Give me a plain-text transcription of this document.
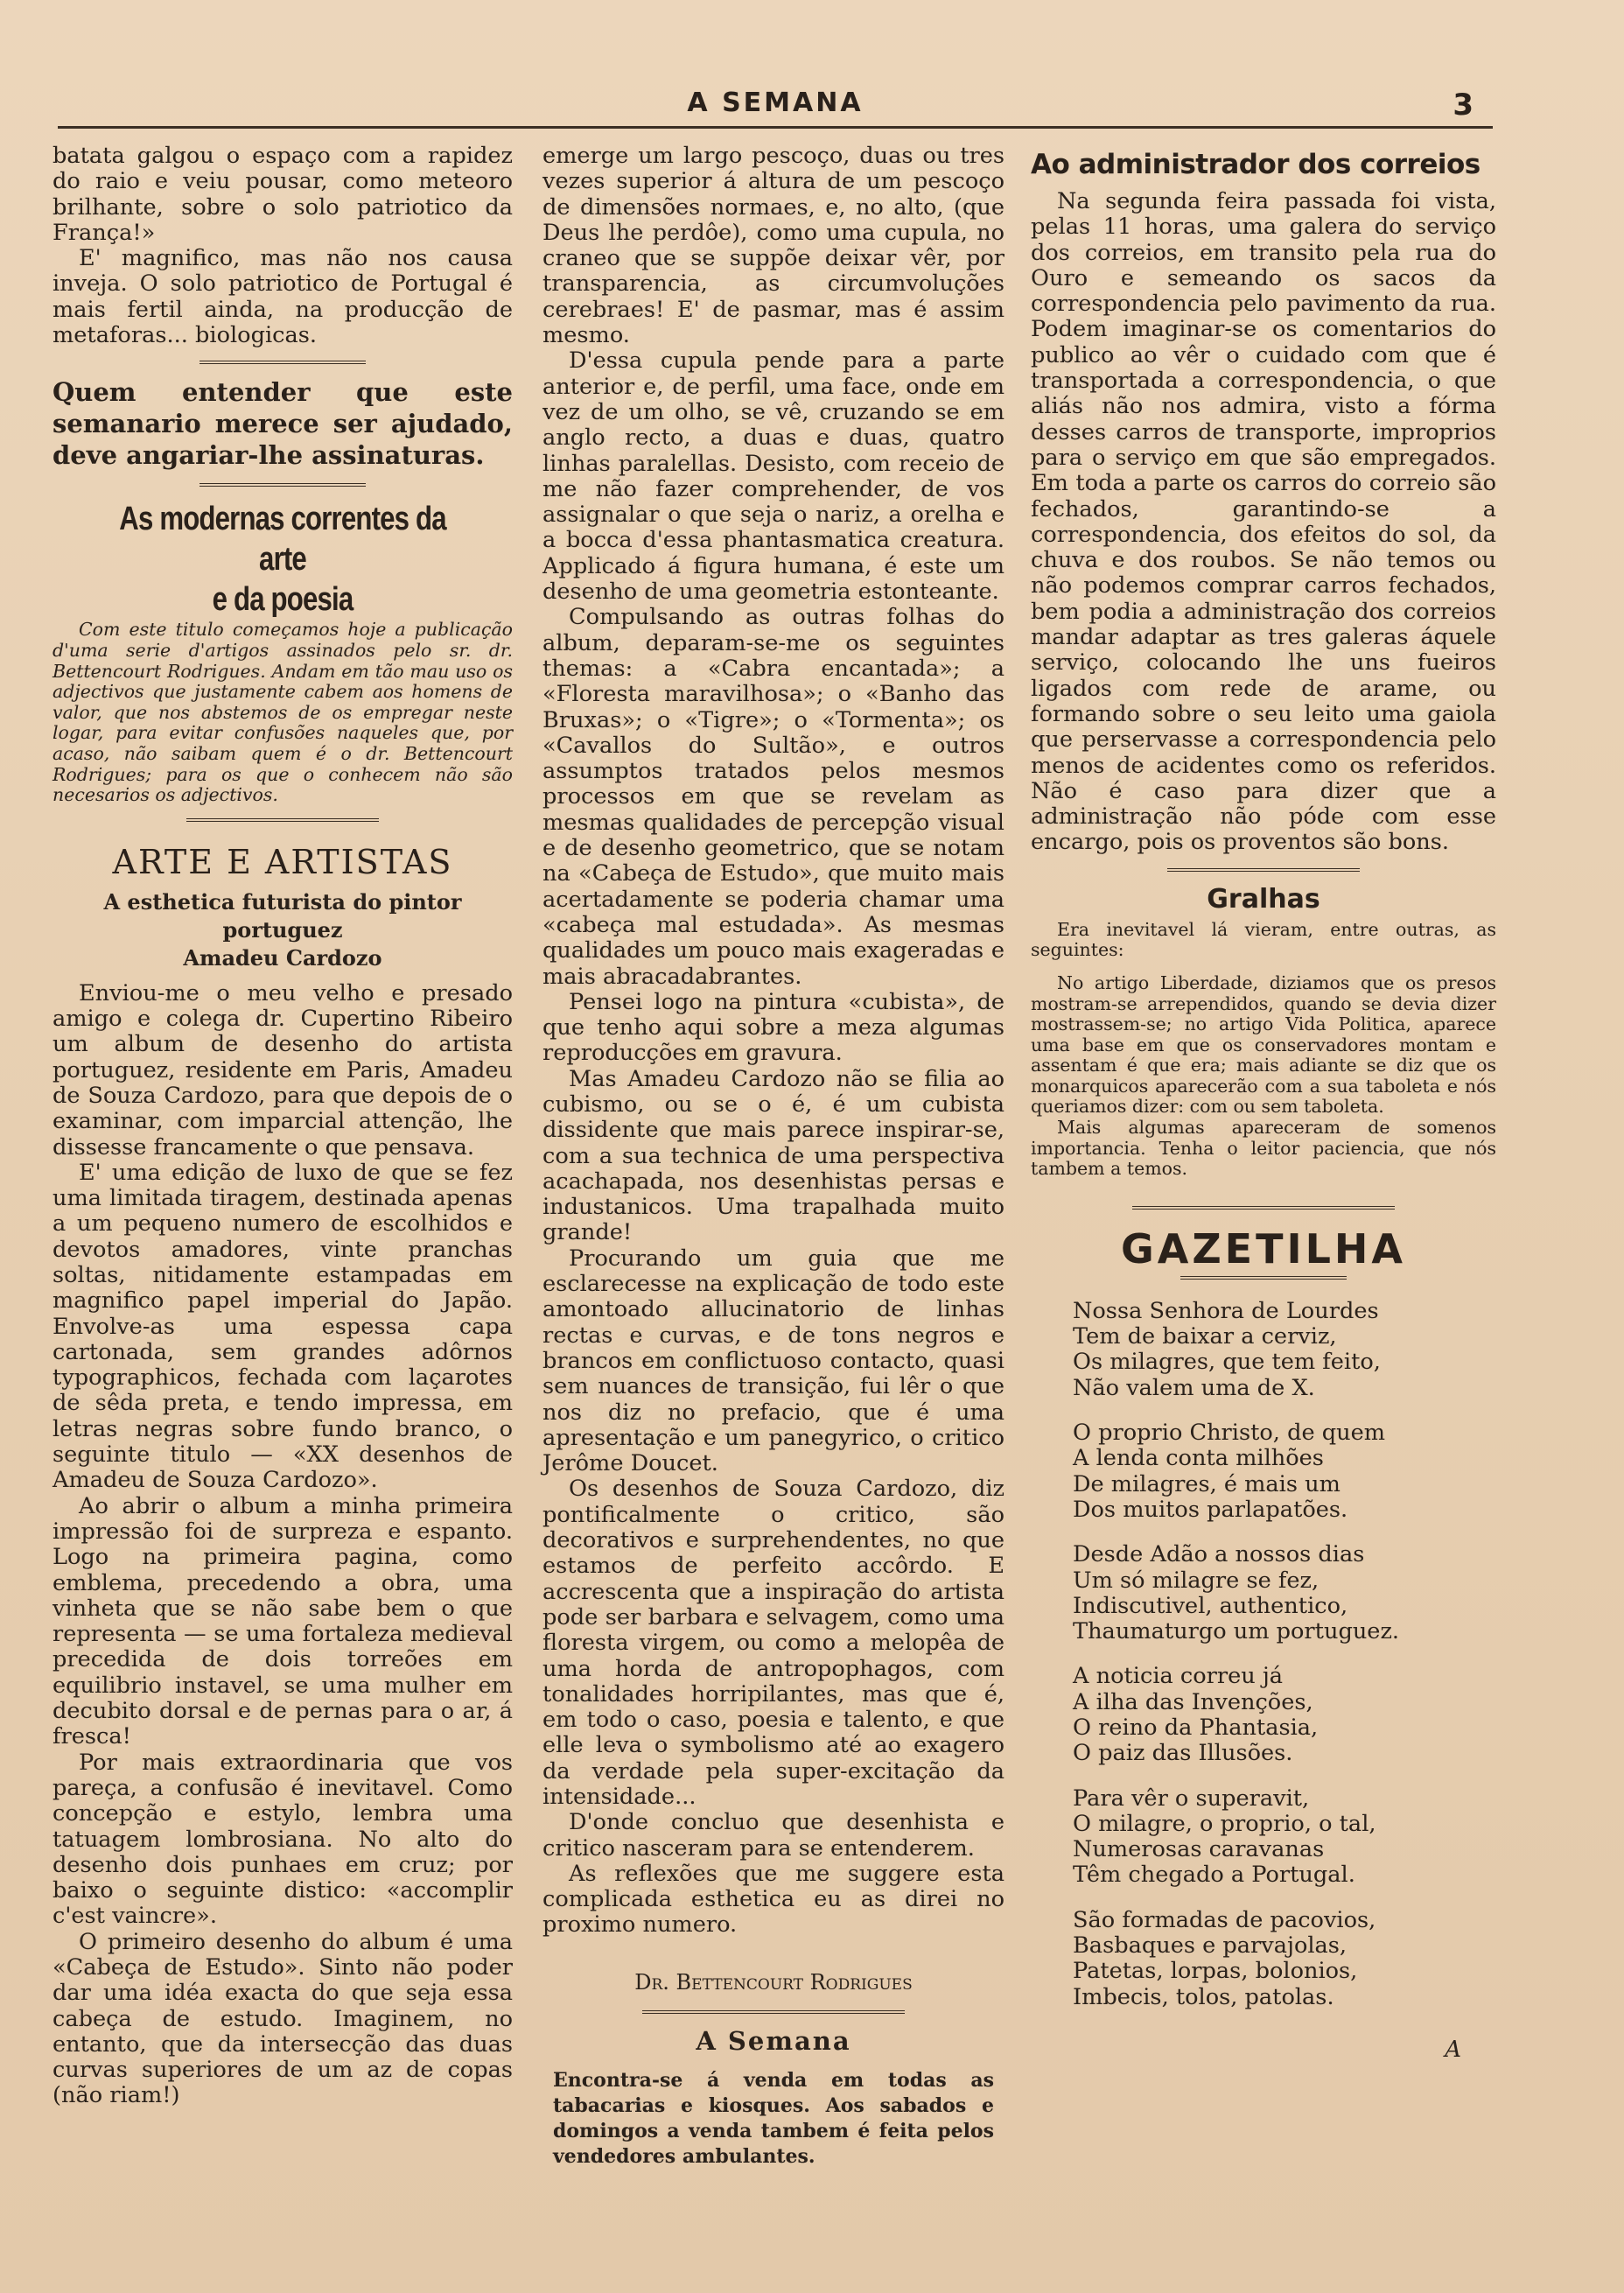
A SEMANA	3

batata galgou o espaço com a rapidez do raio e veiu pousar, como meteoro brilhante, sobre o solo patriotico da França!»

E' magnifico, mas não nos causa inveja. O solo patriotico de Portugal é mais fertil ainda, na producção de metaforas... biologicas.

Quem entender que este semanario merece ser ajudado, deve angariar-lhe assinaturas.
As modernas correntes da arte
e da poesia

Com este titulo começamos hoje a publicação d'uma serie d'artigos assinados pelo sr. dr. Bettencourt Rodrigues. Andam em tão mau uso os adjectivos que justamente cabem aos homens de valor, que nos abstemos de os empregar neste logar, para evitar confusões naqueles que, por acaso, não saibam quem é o dr. Bettencourt Rodrigues; para os que o conhecem não são necesarios os adjectivos.

ARTE E ARTISTAS
A esthetica futurista do pintor portuguez
Amadeu Cardozo

Enviou-me o meu velho e presado amigo e colega dr. Cupertino Ribeiro um album de desenho do artista portuguez, residente em Paris, Amadeu de Souza Cardozo, para que depois de o examinar, com imparcial attenção, lhe dissesse francamente o que pensava.

E' uma edição de luxo de que se fez uma limitada tiragem, destinada apenas a um pequeno numero de escolhidos e devotos amadores, vinte pranchas soltas, nitidamente estampadas em magnifico papel imperial do Japão. Envolve-as uma espessa capa cartonada, sem grandes adôrnos typographicos, fechada com laçarotes de sêda preta, e tendo impressa, em letras negras sobre fundo branco, o seguinte titulo — «XX desenhos de Amadeu de Souza Cardozo».

Ao abrir o album a minha primeira impressão foi de surpreza e espanto. Logo na primeira pagina, como emblema, precedendo a obra, uma vinheta que se não sabe bem o que representa — se uma fortaleza medieval precedida de dois torreões em equilibrio instavel, se uma mulher em decubito dorsal e de pernas para o ar, á fresca!

Por mais extraordinaria que vos pareça, a confusão é inevitavel. Como concepção e estylo, lembra uma tatuagem lombrosiana. No alto do desenho dois punhaes em cruz; por baixo o seguinte distico: «accomplir c'est vaincre».

O primeiro desenho do album é uma «Cabeça de Estudo». Sinto não poder dar uma idéa exacta do que seja essa cabeça de estudo. Imaginem, no entanto, que da intersecção das duas curvas superiores de um az de copas (não riam!)

emerge um largo pescoço, duas ou tres vezes superior á altura de um pescoço de dimensões normaes, e, no alto, (que Deus lhe perdôe), como uma cupula, no craneo que se suppõe deixar vêr, por transparencia, as circumvoluções cerebraes! E' de pasmar, mas é assim mesmo.

D'essa cupula pende para a parte anterior e, de perfil, uma face, onde em vez de um olho, se vê, cruzando se em anglo recto, a duas e duas, quatro linhas paralellas. Desisto, com receio de me não fazer comprehender, de vos assignalar o que seja o nariz, a orelha e a bocca d'essa phantasmatica creatura. Applicado á figura humana, é este um desenho de uma geometria estonteante.

Compulsando as outras folhas do album, deparam-se-me os seguintes themas: a «Cabra encantada»; a «Floresta maravilhosa»; o «Banho das Bruxas»; o «Tigre»; o «Tormenta»; os «Cavallos do Sultão», e outros assumptos tratados pelos mesmos processos em que se revelam as mesmas qualidades de percepção visual e de desenho geometrico, que se notam na «Cabeça de Estudo», que muito mais acertadamente se poderia chamar uma «cabeça mal estudada». As mesmas qualidades um pouco mais exageradas e mais abracadabrantes.

Pensei logo na pintura «cubista», de que tenho aqui sobre a meza algumas reproducções em gravura.

Mas Amadeu Cardozo não se filia ao cubismo, ou se o é, é um cubista dissidente que mais parece inspirar-se, com a sua technica de uma perspectiva acachapada, nos desenhistas persas e industanicos. Uma trapalhada muito grande!

Procurando um guia que me esclarecesse na explicação de todo este amontoado allucinatorio de linhas rectas e curvas, e de tons negros e brancos em conflictuoso contacto, quasi sem nuances de transição, fui lêr o que nos diz no prefacio, que é uma apresentação e um panegyrico, o critico Jerôme Doucet.

Os desenhos de Souza Cardozo, diz pontificalmente o critico, são decorativos e surprehendentes, no que estamos de perfeito accôrdo. E accrescenta que a inspiração do artista pode ser barbara e selvagem, como uma floresta virgem, ou como a melopêa de uma horda de antropophagos, com tonalidades horripilantes, mas que é, em todo o caso, poesia e talento, e que elle leva o symbolismo até ao exagero da verdade pela super-excitação da intensidade...

D'onde concluo que desenhista e critico nasceram para se entenderem.

As reflexões que me suggere esta complicada esthetica eu as direi no proximo numero.

Dr. Bettencourt Rodrigues
A Semana
Encontra-se á venda em todas as tabacarias e kiosques. Aos sabados e domingos a venda tambem é feita pelos vendedores ambulantes.
Ao administrador dos correios

Na segunda feira passada foi vista, pelas 11 horas, uma galera do serviço dos correios, em transito pela rua do Ouro e semeando os sacos da correspondencia pelo pavimento da rua. Podem imaginar-se os comentarios do publico ao vêr o cuidado com que é transportada a correspondencia, o que aliás não nos admira, visto a fórma desses carros de transporte, improprios para o serviço em que são empregados. Em toda a parte os carros do correio são fechados, garantindo-se a correspondencia, dos efeitos do sol, da chuva e dos roubos. Se não temos ou não podemos comprar carros fechados, bem podia a administração dos correios mandar adaptar as tres galeras áquele serviço, colocando lhe uns fueiros ligados com rede de arame, ou formando sobre o seu leito uma gaiola que perservasse a correspondencia pelo menos de acidentes como os referidos. Não é caso para dizer que a administração não póde com esse encargo, pois os proventos são bons.

Gralhas

Era inevitavel lá vieram, entre outras, as seguintes:

No artigo Liberdade, diziamos que os presos mostram-se arrependidos, quando se devia dizer mostrassem-se; no artigo Vida Politica, aparece uma base em que os conservadores montam e assentam é que era; mais adiante se diz que os monarquicos aparecerão com a sua taboleta e nós queriamos dizer: com ou sem taboleta.

Mais algumas apareceram de somenos importancia. Tenha o leitor paciencia, que nós tambem a temos.

GAZETILHA
Nossa Senhora de Lourdes
Tem de baixar a cerviz,
Os milagres, que tem feito,
Não valem uma de X.
O proprio Christo, de quem
A lenda conta milhões
De milagres, é mais um
Dos muitos parlapatões.
Desde Adão a nossos dias
Um só milagre se fez,
Indiscutivel, authentico,
Thaumaturgo um portuguez.
A noticia correu já
A ilha das Invenções,
O reino da Phantasia,
O paiz das Illusões.
Para vêr o superavit,
O milagre, o proprio, o tal,
Numerosas caravanas
Têm chegado a Portugal.
São formadas de pacovios,
Basbaques e parvajolas,
Patetas, lorpas, bolonios,
Imbecis, tolos, patolas.
A
